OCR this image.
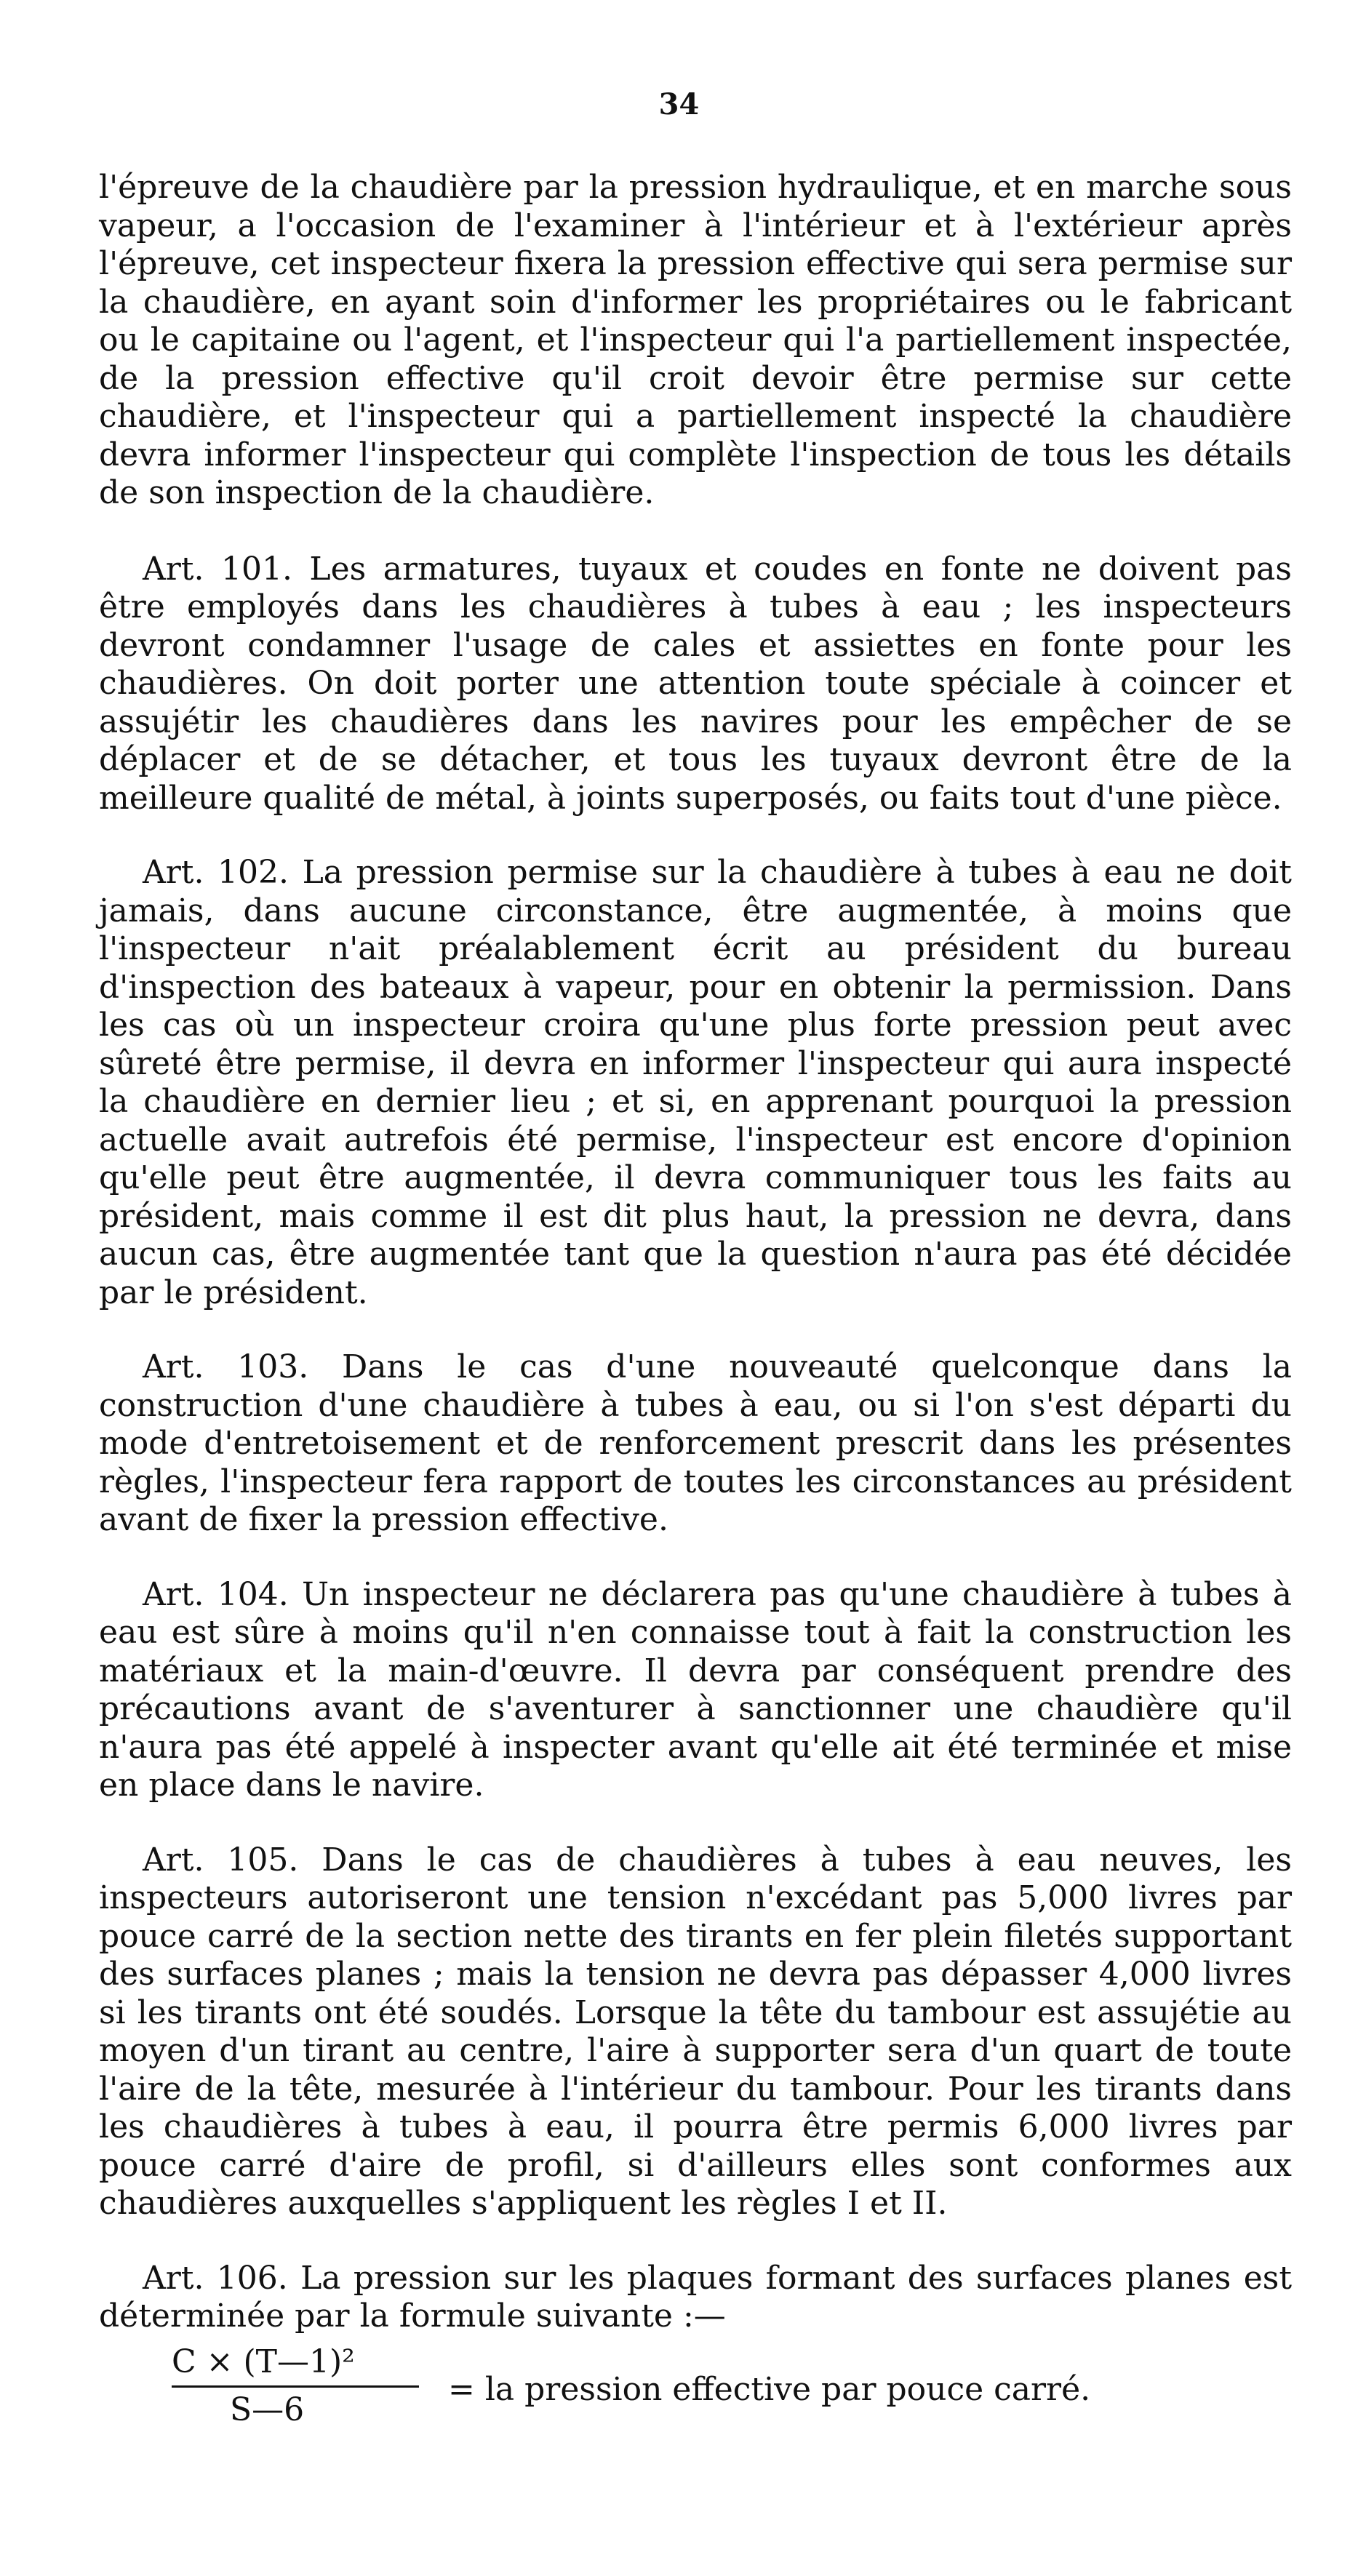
34

l'épreuve de la chaudière par la pression hydraulique, et en marche sous vapeur, a l'occasion de l'examiner à l'intérieur et à l'extérieur après l'épreuve, cet inspecteur fixera la pression effective qui sera permise sur la chaudière, en ayant soin d'informer les propriétaires ou le fabricant ou le capitaine ou l'agent, et l'inspecteur qui l'a partiellement inspectée, de la pression effective qu'il croit devoir être permise sur cette chaudière, et l'inspecteur qui a partiellement inspecté la chaudière devra informer l'inspecteur qui complète l'inspection de tous les détails de son inspection de la chaudière.

Art. 101. Les armatures, tuyaux et coudes en fonte ne doivent pas être employés dans les chaudières à tubes à eau ; les inspecteurs devront condamner l'usage de cales et assiettes en fonte pour les chaudières. On doit porter une attention toute spéciale à coincer et assujétir les chaudières dans les navires pour les empêcher de se déplacer et de se détacher, et tous les tuyaux devront être de la meilleure qualité de métal, à joints superposés, ou faits tout d'une pièce.

Art. 102. La pression permise sur la chaudière à tubes à eau ne doit jamais, dans aucune circonstance, être augmentée, à moins que l'inspecteur n'ait préalablement écrit au président du bureau d'inspection des bateaux à vapeur, pour en obtenir la permission. Dans les cas où un inspecteur croira qu'une plus forte pression peut avec sûreté être permise, il devra en informer l'inspecteur qui aura inspecté la chaudière en dernier lieu ; et si, en apprenant pourquoi la pression actuelle avait autrefois été permise, l'inspecteur est encore d'opinion qu'elle peut être augmentée, il devra communiquer tous les faits au président, mais comme il est dit plus haut, la pression ne devra, dans aucun cas, être augmentée tant que la question n'aura pas été décidée par le président.

Art. 103. Dans le cas d'une nouveauté quelconque dans la construction d'une chaudière à tubes à eau, ou si l'on s'est départi du mode d'entretoisement et de renforcement prescrit dans les présentes règles, l'inspecteur fera rapport de toutes les circonstances au président avant de fixer la pression effective.

Art. 104. Un inspecteur ne déclarera pas qu'une chaudière à tubes à eau est sûre à moins qu'il n'en connaisse tout à fait la construction les matériaux et la main-d'œuvre. Il devra par conséquent prendre des précautions avant de s'aventurer à sanctionner une chaudière qu'il n'aura pas été appelé à inspecter avant qu'elle ait été terminée et mise en place dans le navire.

Art. 105. Dans le cas de chaudières à tubes à eau neuves, les inspecteurs autoriseront une tension n'excédant pas 5,000 livres par pouce carré de la section nette des tirants en fer plein filetés supportant des surfaces planes ; mais la tension ne devra pas dépasser 4,000 livres si les tirants ont été soudés. Lorsque la tête du tambour est assujétie au moyen d'un tirant au centre, l'aire à supporter sera d'un quart de toute l'aire de la tête, mesurée à l'intérieur du tambour. Pour les tirants dans les chaudières à tubes à eau, il pourra être permis 6,000 livres par pouce carré d'aire de profil, si d'ailleurs elles sont conformes aux chaudières auxquelles s'appliquent les règles I et II.

Art. 106. La pression sur les plaques formant des surfaces planes est déterminée par la formule suivante :—

C × (T—1)²
S—6
= la pression effective par pouce carré.
